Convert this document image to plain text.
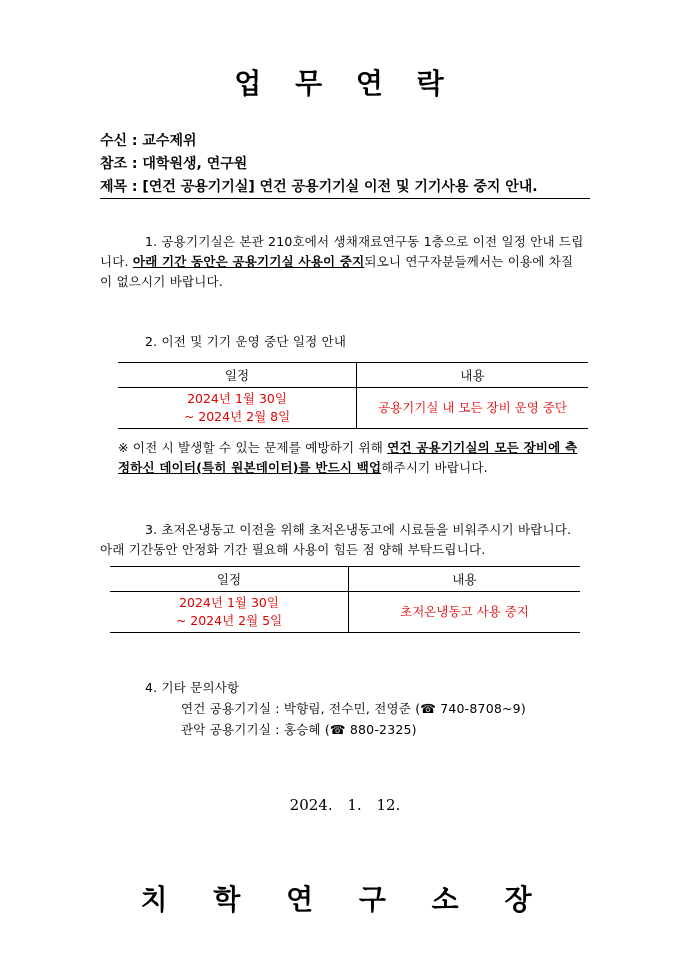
업 무 연 락
수신 : 교수제위
참조 : 대학원생, 연구원
제목 : [연건 공용기기실] 연건 공용기기실 이전 및 기기사용 중지 안내.
1. 공용기기실은 본관 210호에서 생채재료연구동 1층으로 이전 일정 안내 드립
니다. 아래 기간 동안은 공용기기실 사용이 중지되오니 연구자분들께서는 이용에 차질
이 없으시기 바랍니다.
2. 이전 및 기기 운영 중단 일정 안내
일정	내용

2024년 1월 30일
~ 2024년 2월 8일	공용기기실 내 모든 장비 운영 중단
※ 이전 시 발생할 수 있는 문제를 예방하기 위해 연건 공용기기실의 모든 장비에 측
정하신 데이터(특히 원본데이터)를 반드시 백업해주시기 바랍니다.
3. 초저온냉동고 이전을 위해 초저온냉동고에 시료들을 비워주시기 바랍니다.
아래 기간동안 안정화 기간 필요해 사용이 힘든 점 양해 부탁드립니다.
일정	내용

2024년 1월 30일
~ 2024년 2월 5일	초저온냉동고 사용 중지
4. 기타 문의사항
연건 공용기기실 : 박향림, 전수민, 전영준 (☎ 740-8708~9)
관악 공용기기실 : 홍승혜 (☎ 880-2325)
2024. 1. 12.
치 학 연 구 소 장
